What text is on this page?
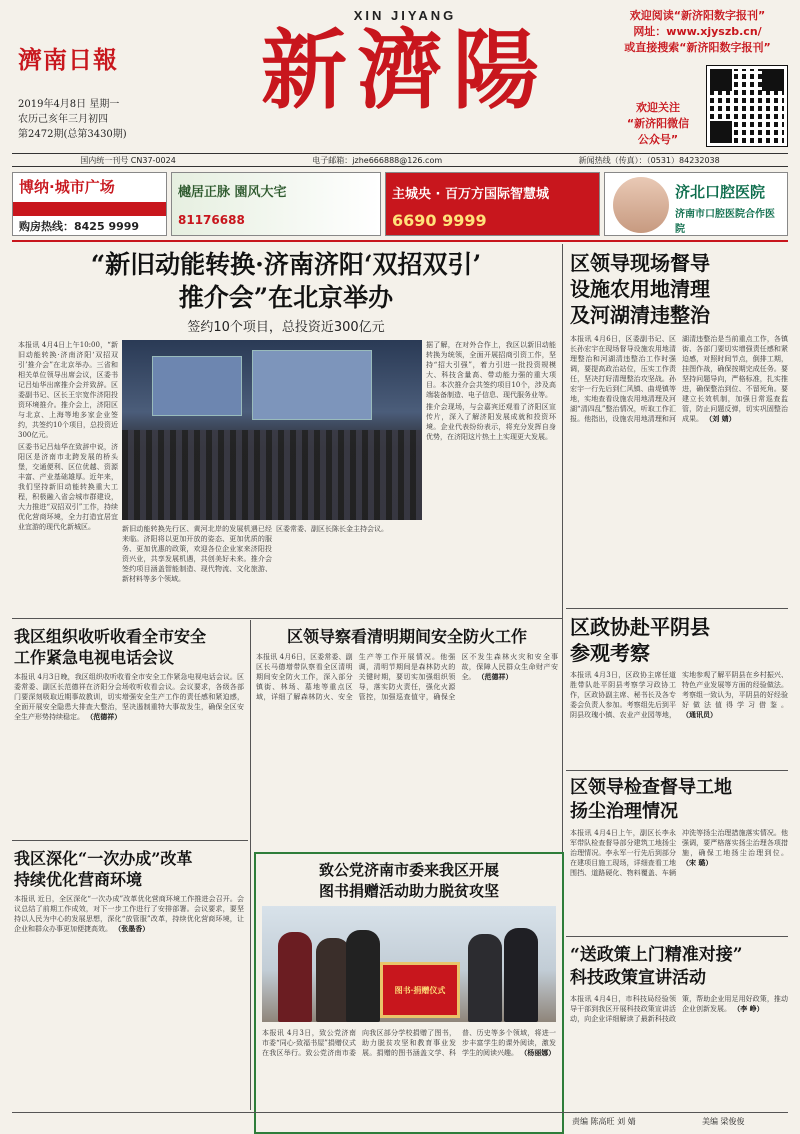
濟南日報
2019年4月8日 星期一
农历己亥年三月初四
第2472期(总第3430期)
XIN JIYANG
新濟陽
欢迎阅读“新济阳数字报刊”
网址：www.xjyszb.cn/
或直接搜索“新济阳数字报刊”
欢迎关注
“新济阳微信
公众号”
国内统一刊号 CN37-0024	电子邮箱：jzhe666888@126.com	新闻热线（传真）：（0531）84232038
博纳·城市广场
购房热线：8425 9999
樾居正脉 園风大宅
81176688
主城央 · 百万方国际智慧城
6690 9999
济北口腔医院
济南市口腔医院合作医院
“新旧动能转换·济南济阳‘双招双引’
推介会”在北京举办
签约10个项目，总投资近300亿元

本报讯 4月4日上午10:00，“新旧动能转换·济南济阳‘双招双引’推介会”在北京举办。三省和相关单位领导出席会议，区委书记吕灿华出席推介会并致辞。区委副书记、区长王宗宽作济阳投资环境推介。推介会上，济阳区与北京、上海等地多家企业签约，共签约10个项目，总投资近300亿元。

区委书记吕灿华在致辞中说，济阳区是济南市北跨发展的桥头堡，交通便利、区位优越、资源丰富、产业基础雄厚。近年来，我们坚持新旧动能转换重大工程，积极融入省会城市群建设，大力推进“双招双引”工作，持续优化营商环境，全力打造宜居宜业宜游的现代化新城区。

据了解，在对外合作上，我区以新旧动能转换为统领，全面开展招商引资工作，坚持“招大引强”，着力引进一批投资规模大、科技含量高、带动能力强的重大项目。本次推介会共签约项目10个，涉及高端装备制造、电子信息、现代服务业等。

推介会现场，与会嘉宾还观看了济阳区宣传片，深入了解济阳发展成就和投资环境。企业代表纷纷表示，将充分发挥自身优势，在济阳这片热土上实现更大发展。

新旧动能转换先行区、黄河北岸的发展机遇已经来临。济阳将以更加开放的姿态、更加优质的服务、更加优惠的政策，欢迎各位企业家来济阳投资兴业，共享发展机遇，共创美好未来。推介会签约项目涵盖智能制造、现代物流、文化旅游、新材料等多个领域。

区委常委、副区长陈长金主持会议。

我区组织收听收看全市安全
工作紧急电视电话会议
本报讯 4月3日晚，我区组织收听收看全市安全工作紧急电视电话会议。区委常委、副区长范德祥在济阳分会场收听收看会议。会议要求，各级各部门要深刻吸取近期事故教训，切实增强安全生产工作的责任感和紧迫感，全面开展安全隐患大排查大整治，坚决遏制重特大事故发生，确保全区安全生产形势持续稳定。 （范德祥）
我区深化“一次办成”改革
持续优化营商环境
本报讯 近日，全区深化“一次办成”改革优化营商环境工作推进会召开。会议总结了前期工作成效，对下一步工作进行了安排部署。会议要求，要坚持以人民为中心的发展思想，深化“放管服”改革，持续优化营商环境，让企业和群众办事更加便捷高效。 （张墨香）
区领导察看清明期间安全防火工作
本报讯 4月6日，区委常委、副区长马德增带队察看全区清明期间安全防火工作，深入部分镇街、林场、墓地等重点区域，详细了解森林防火、安全生产等工作开展情况。他强调，清明节期间是森林防火的关键时期，要切实加强组织领导，落实防火责任，强化火源管控，加强巡查值守，确保全区不发生森林火灾和安全事故，保障人民群众生命财产安全。 （范德祥）
致公党济南市委来我区开展
图书捐赠活动助力脱贫攻坚
图书·捐赠仪式
本报讯 4月3日，致公党济南市委“同心·致福书屋”捐赠仪式在我区举行。致公党济南市委向我区部分学校捐赠了图书，助力脱贫攻坚和教育事业发展。捐赠的图书涵盖文学、科普、历史等多个领域，将进一步丰富学生的课外阅读，激发学生的阅读兴趣。 （杨丽娜）
区领导现场督导
设施农用地清理
及河湖清违整治
本报讯 4月6日，区委副书记、区长孙宏宇在现场督导设施农用地清理整治和河湖清违整治工作时强调，要提高政治站位，压实工作责任，坚决打好清理整治攻坚战。孙宏宇一行先后到仁风镇、曲堤镇等地，实地查看设施农用地清理及河湖“清四乱”整治情况，听取工作汇报。他指出，设施农用地清理和河湖清违整治是当前重点工作，各镇街、各部门要切实增强责任感和紧迫感，对照时间节点，倒排工期，挂图作战，确保按期完成任务。要坚持问题导向，严格标准，扎实推进，确保整治到位、不留死角。要建立长效机制，加强日常巡查监管，防止问题反弹，切实巩固整治成果。 （刘 婧）
区政协赴平阴县
参观考察
本报讯 4月3日，区政协主席任道胜带队赴平阴县考察学习政协工作，区政协副主席、秘书长及各专委会负责人参加。考察组先后到平阴县玫瑰小镇、农业产业园等地，实地参观了解平阴县在乡村振兴、特色产业发展等方面的经验做法。考察组一致认为，平阴县的好经验好做法值得学习借鉴。 （通讯员）
区领导检查督导工地
扬尘治理情况
本报讯 4月4日上午，副区长李永军带队检查督导部分建筑工地扬尘治理情况。李永军一行先后到部分在建项目施工现场，详细查看工地围挡、道路硬化、物料覆盖、车辆冲洗等扬尘治理措施落实情况。他强调，要严格落实扬尘治理各项措施，确保工地扬尘治理到位。 （宋 璐）
“送政策上门精准对接”
科技政策宣讲活动
本报讯 4月4日，市科技局经验领导干部到我区开展科技政策宣讲活动，向企业详细解读了最新科技政策，帮助企业用足用好政策，推动企业创新发展。 （李 峥）
责编 陈高旺 刘 婧	美编 梁俊俊
